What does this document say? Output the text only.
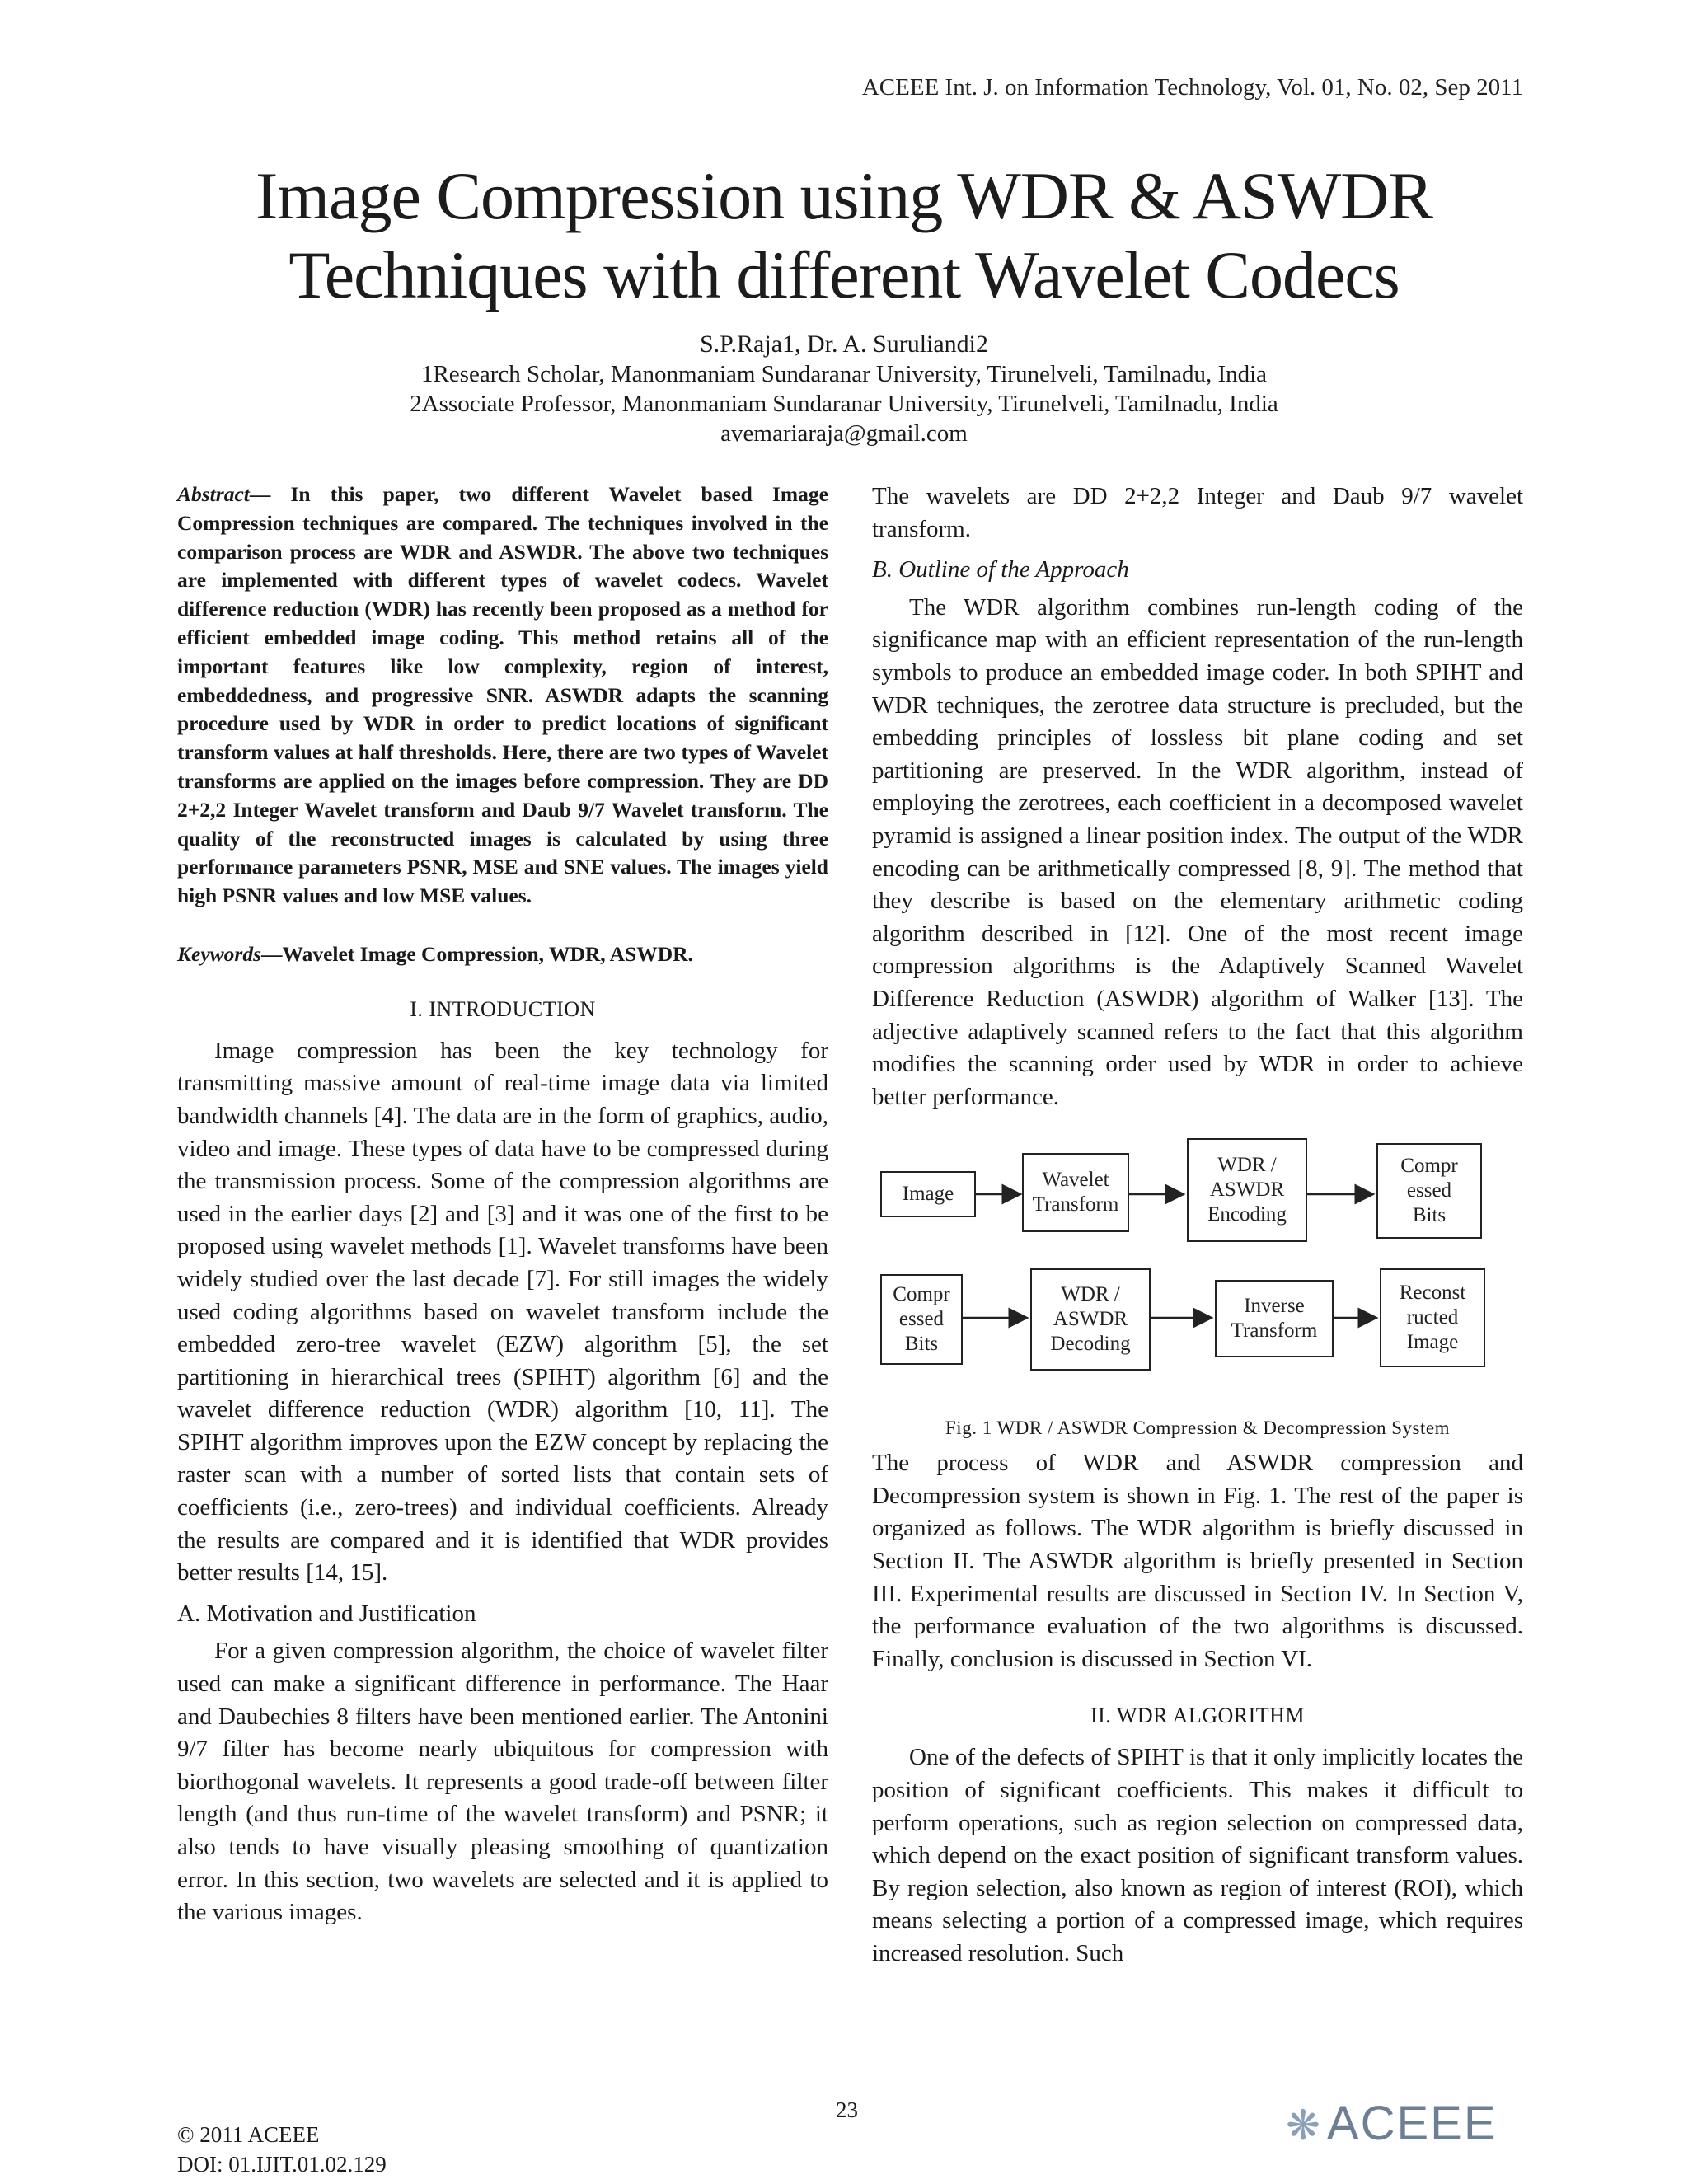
ACEEE Int. J. on Information Technology, Vol. 01, No. 02, Sep 2011
Image Compression using WDR & ASWDR
Techniques with different Wavelet Codecs
S.P.Raja1, Dr. A. Suruliandi2
1Research Scholar, Manonmaniam Sundaranar University, Tirunelveli, Tamilnadu, India
2Associate Professor, Manonmaniam Sundaranar University, Tirunelveli, Tamilnadu, India
avemariaraja@gmail.com

Abstract— In this paper, two different Wavelet based Image Compression techniques are compared. The techniques involved in the comparison process are WDR and ASWDR. The above two techniques are implemented with different types of wavelet codecs. Wavelet difference reduction (WDR) has recently been proposed as a method for efficient embedded image coding. This method retains all of the important features like low complexity, region of interest, embeddedness, and progressive SNR. ASWDR adapts the scanning procedure used by WDR in order to predict locations of significant transform values at half thresholds. Here, there are two types of Wavelet transforms are applied on the images before compression. They are DD 2+2,2 Integer Wavelet transform and Daub 9/7 Wavelet transform. The quality of the reconstructed images is calculated by using three performance parameters PSNR, MSE and SNE values. The images yield high PSNR values and low MSE values.

Keywords—Wavelet Image Compression, WDR, ASWDR.

I. INTRODUCTION

Image compression has been the key technology for transmitting massive amount of real-time image data via limited bandwidth channels [4]. The data are in the form of graphics, audio, video and image. These types of data have to be compressed during the transmission process. Some of the compression algorithms are used in the earlier days [2] and [3] and it was one of the first to be proposed using wavelet methods [1]. Wavelet transforms have been widely studied over the last decade [7]. For still images the widely used coding algorithms based on wavelet transform include the embedded zero-tree wavelet (EZW) algorithm [5], the set partitioning in hierarchical trees (SPIHT) algorithm [6] and the wavelet difference reduction (WDR) algorithm [10, 11]. The SPIHT algorithm improves upon the EZW concept by replacing the raster scan with a number of sorted lists that contain sets of coefficients (i.e., zero-trees) and individual coefficients. Already the results are compared and it is identified that WDR provides better results [14, 15].

A. Motivation and Justification

For a given compression algorithm, the choice of wavelet filter used can make a significant difference in performance. The Haar and Daubechies 8 filters have been mentioned earlier. The Antonini 9/7 filter has become nearly ubiquitous for compression with biorthogonal wavelets. It represents a good trade-off between filter length (and thus run-time of the wavelet transform) and PSNR; it also tends to have visually pleasing smoothing of quantization error. In this section, two wavelets are selected and it is applied to the various images.

The wavelets are DD 2+2,2 Integer and Daub 9/7 wavelet transform.

B. Outline of the Approach

The WDR algorithm combines run-length coding of the significance map with an efficient representation of the run-length symbols to produce an embedded image coder. In both SPIHT and WDR techniques, the zerotree data structure is precluded, but the embedding principles of lossless bit plane coding and set partitioning are preserved. In the WDR algorithm, instead of employing the zerotrees, each coefficient in a decomposed wavelet pyramid is assigned a linear position index. The output of the WDR encoding can be arithmetically compressed [8, 9]. The method that they describe is based on the elementary arithmetic coding algorithm described in [12]. One of the most recent image compression algorithms is the Adaptively Scanned Wavelet Difference Reduction (ASWDR) algorithm of Walker [13]. The adjective adaptively scanned refers to the fact that this algorithm modifies the scanning order used by WDR in order to achieve better performance.

Image
Wavelet
Transform
WDR /
ASWDR
Encoding
Compr
essed
Bits
Compr
essed
Bits
WDR /
ASWDR
Decoding
Inverse
Transform
Reconst
ructed
Image
Fig. 1 WDR / ASWDR Compression & Decompression System

The process of WDR and ASWDR compression and Decompression system is shown in Fig. 1. The rest of the paper is organized as follows. The WDR algorithm is briefly discussed in Section II. The ASWDR algorithm is briefly presented in Section III. Experimental results are discussed in Section IV. In Section V, the performance evaluation of the two algorithms is discussed. Finally, conclusion is discussed in Section VI.

II. WDR ALGORITHM

One of the defects of SPIHT is that it only implicitly locates the position of significant coefficients. This makes it difficult to perform operations, such as region selection on compressed data, which depend on the exact position of significant transform values. By region selection, also known as region of interest (ROI), which means selecting a portion of a compressed image, which requires increased resolution. Such

23
© 2011 ACEEE
DOI: 01.IJIT.01.02.129
❋ ACEEE
